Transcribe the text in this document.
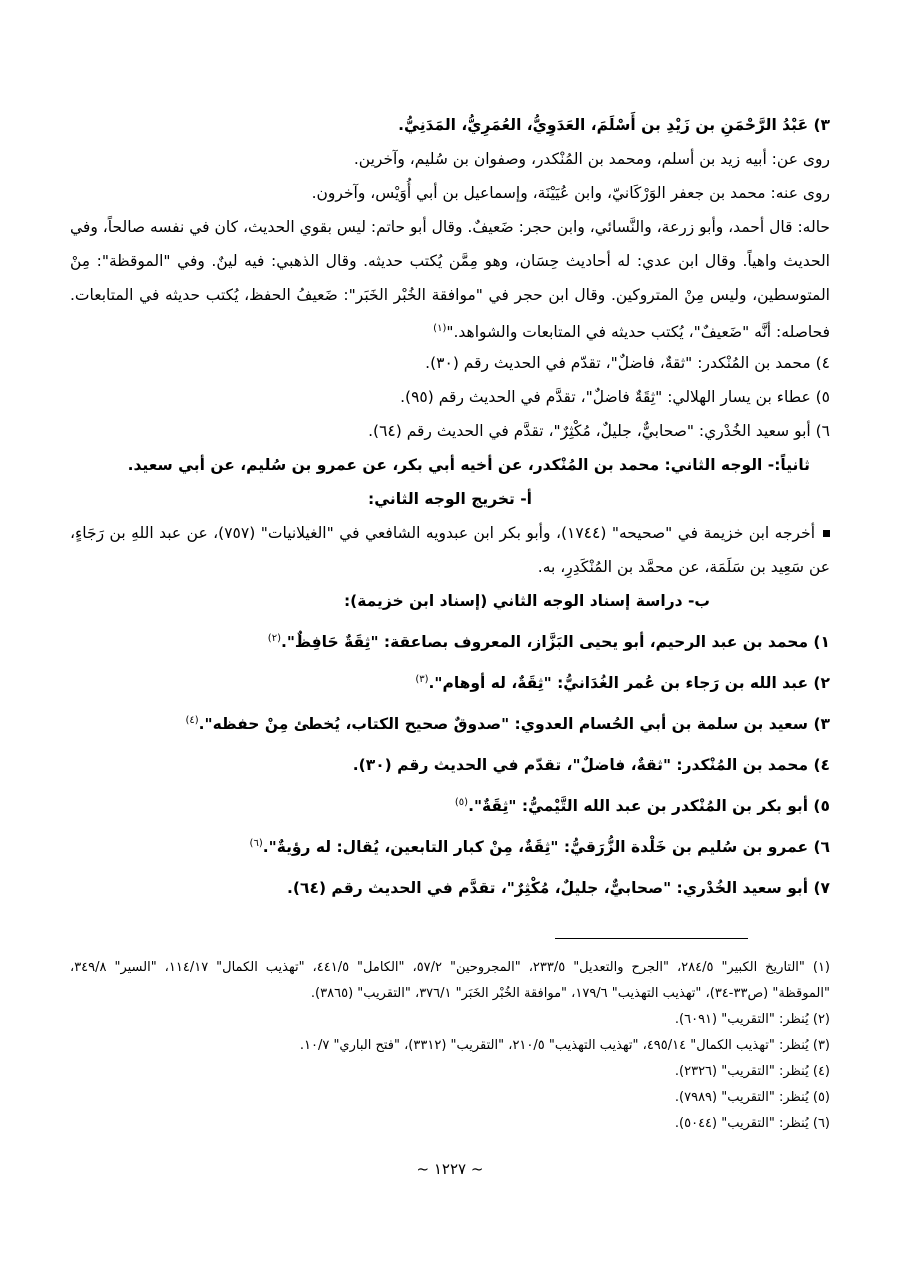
٣) عَبْدُ الرَّحْمَنِ بن زَيْدِ بن أَسْلَمَ، العَدَوِيُّ، العُمَرِيُّ، المَدَنِيُّ.

روى عن: أبيه زيد بن أسلم، ومحمد بن المُنْكدر، وصفوان بن سُليم، وآخرين.

روى عنه: محمد بن جعفر الوَرْكَانيّ، وابن عُيَيْنَة، وإسماعيل بن أبي أُوَيْس، وآخرون.

حاله: قال أحمد، وأبو زرعة، والنَّسائي، وابن حجر: ضَعيفٌ. وقال أبو حاتم: ليس بقوي الحديث، كان في نفسه صالحاً، وفي الحديث واهياً. وقال ابن عدي: له أحاديث حِسَان، وهو مِمَّن يُكتب حديثه. وقال الذهبي: فيه لينٌ. وفي "الموقظة": مِنْ المتوسطين، وليس مِنْ المتروكين. وقال ابن حجر في "موافقة الخُبْر الخَبَر": ضَعيفُ الحفظ، يُكتب حديثه في المتابعات. فحاصله: أنَّه "ضَعيفٌ"، يُكتب حديثه في المتابعات والشواهد."$^{(١)}$

٤) محمد بن المُنْكدر: "ثقةٌ، فاضلٌ"، تقدّم في الحديث رقم (٣٠).

٥) عطاء بن يسار الهلالي: "ثِقَةٌ فاضلٌ"، تقدَّم في الحديث رقم (٩٥).

٦) أبو سعيد الخُدْري: "صحابيٌّ، جليلٌ، مُكْثِرٌ"، تقدَّم في الحديث رقم (٦٤).

ثانياً:- الوجه الثاني: محمد بن المُنْكدر، عن أخيه أبي بكر، عن عمرو بن سُليم، عن أبي سعيد.

أ- تخريج الوجه الثاني:

أخرجه ابن خزيمة في "صحيحه" (١٧٤٤)، وأبو بكر ابن عبدويه الشافعي في "الغيلانيات" (٧٥٧)، عن عبد اللهِ بن رَجَاءٍ، عن سَعِيد بن سَلَمَة، عن محمَّد بن المُنْكَدِرِ، به.

ب- دراسة إسناد الوجه الثاني (إسناد ابن خزيمة):

١) محمد بن عبد الرحيم، أبو يحيى البَزَّاز، المعروف بصاعقة: "ثِقَةٌ حَافِظٌ".$^{(٢)}$

٢) عبد الله بن رَجاء بن عُمر الغُدَانيُّ: "ثِقَةٌ، له أوهام".$^{(٣)}$

٣) سعيد بن سلمة بن أبي الحُسام العدوي: "صدوقٌ صحيح الكتاب، يُخطئ مِنْ حفظه".$^{(٤)}$

٤) محمد بن المُنْكدر: "ثقةٌ، فاضلٌ"، تقدّم في الحديث رقم (٣٠).

٥) أبو بكر بن المُنْكدر بن عبد الله التَّيْميُّ: "ثِقَةٌ".$^{(٥)}$

٦) عمرو بن سُليم بن خَلْدة الزُّرَقيُّ: "ثِقَةٌ، مِنْ كبار التابعين، يُقال: له رؤيةٌ".$^{(٦)}$

٧) أبو سعيد الخُدْري: "صحابيٌّ، جليلٌ، مُكْثِرٌ"، تقدَّم في الحديث رقم (٦٤).

(١) "التاريخ الكبير" ٢٨٤/٥، "الجرح والتعديل" ٢٣٣/٥، "المجروحين" ٥٧/٢، "الكامل" ٤٤١/٥، "تهذيب الكمال" ١١٤/١٧، "السير" ٣٤٩/٨، "الموقظة" (ص٣٣-٣٤)، "تهذيب التهذيب" ١٧٩/٦، "موافقة الخُبْر الخَبَر" ٣٧٦/١، "التقريب" (٣٨٦٥).

(٢) يُنظر: "التقريب" (٦٠٩١).

(٣) يُنظر: "تهذيب الكمال" ٤٩٥/١٤، "تهذيب التهذيب" ٢١٠/٥، "التقريب" (٣٣١٢)، "فتح الباري" ١٠/٧.

(٤) يُنظر: "التقريب" (٢٣٢٦).

(٥) يُنظر: "التقريب" (٧٩٨٩).

(٦) يُنظر: "التقريب" (٥٠٤٤).

~ ١٢٢٧ ~
